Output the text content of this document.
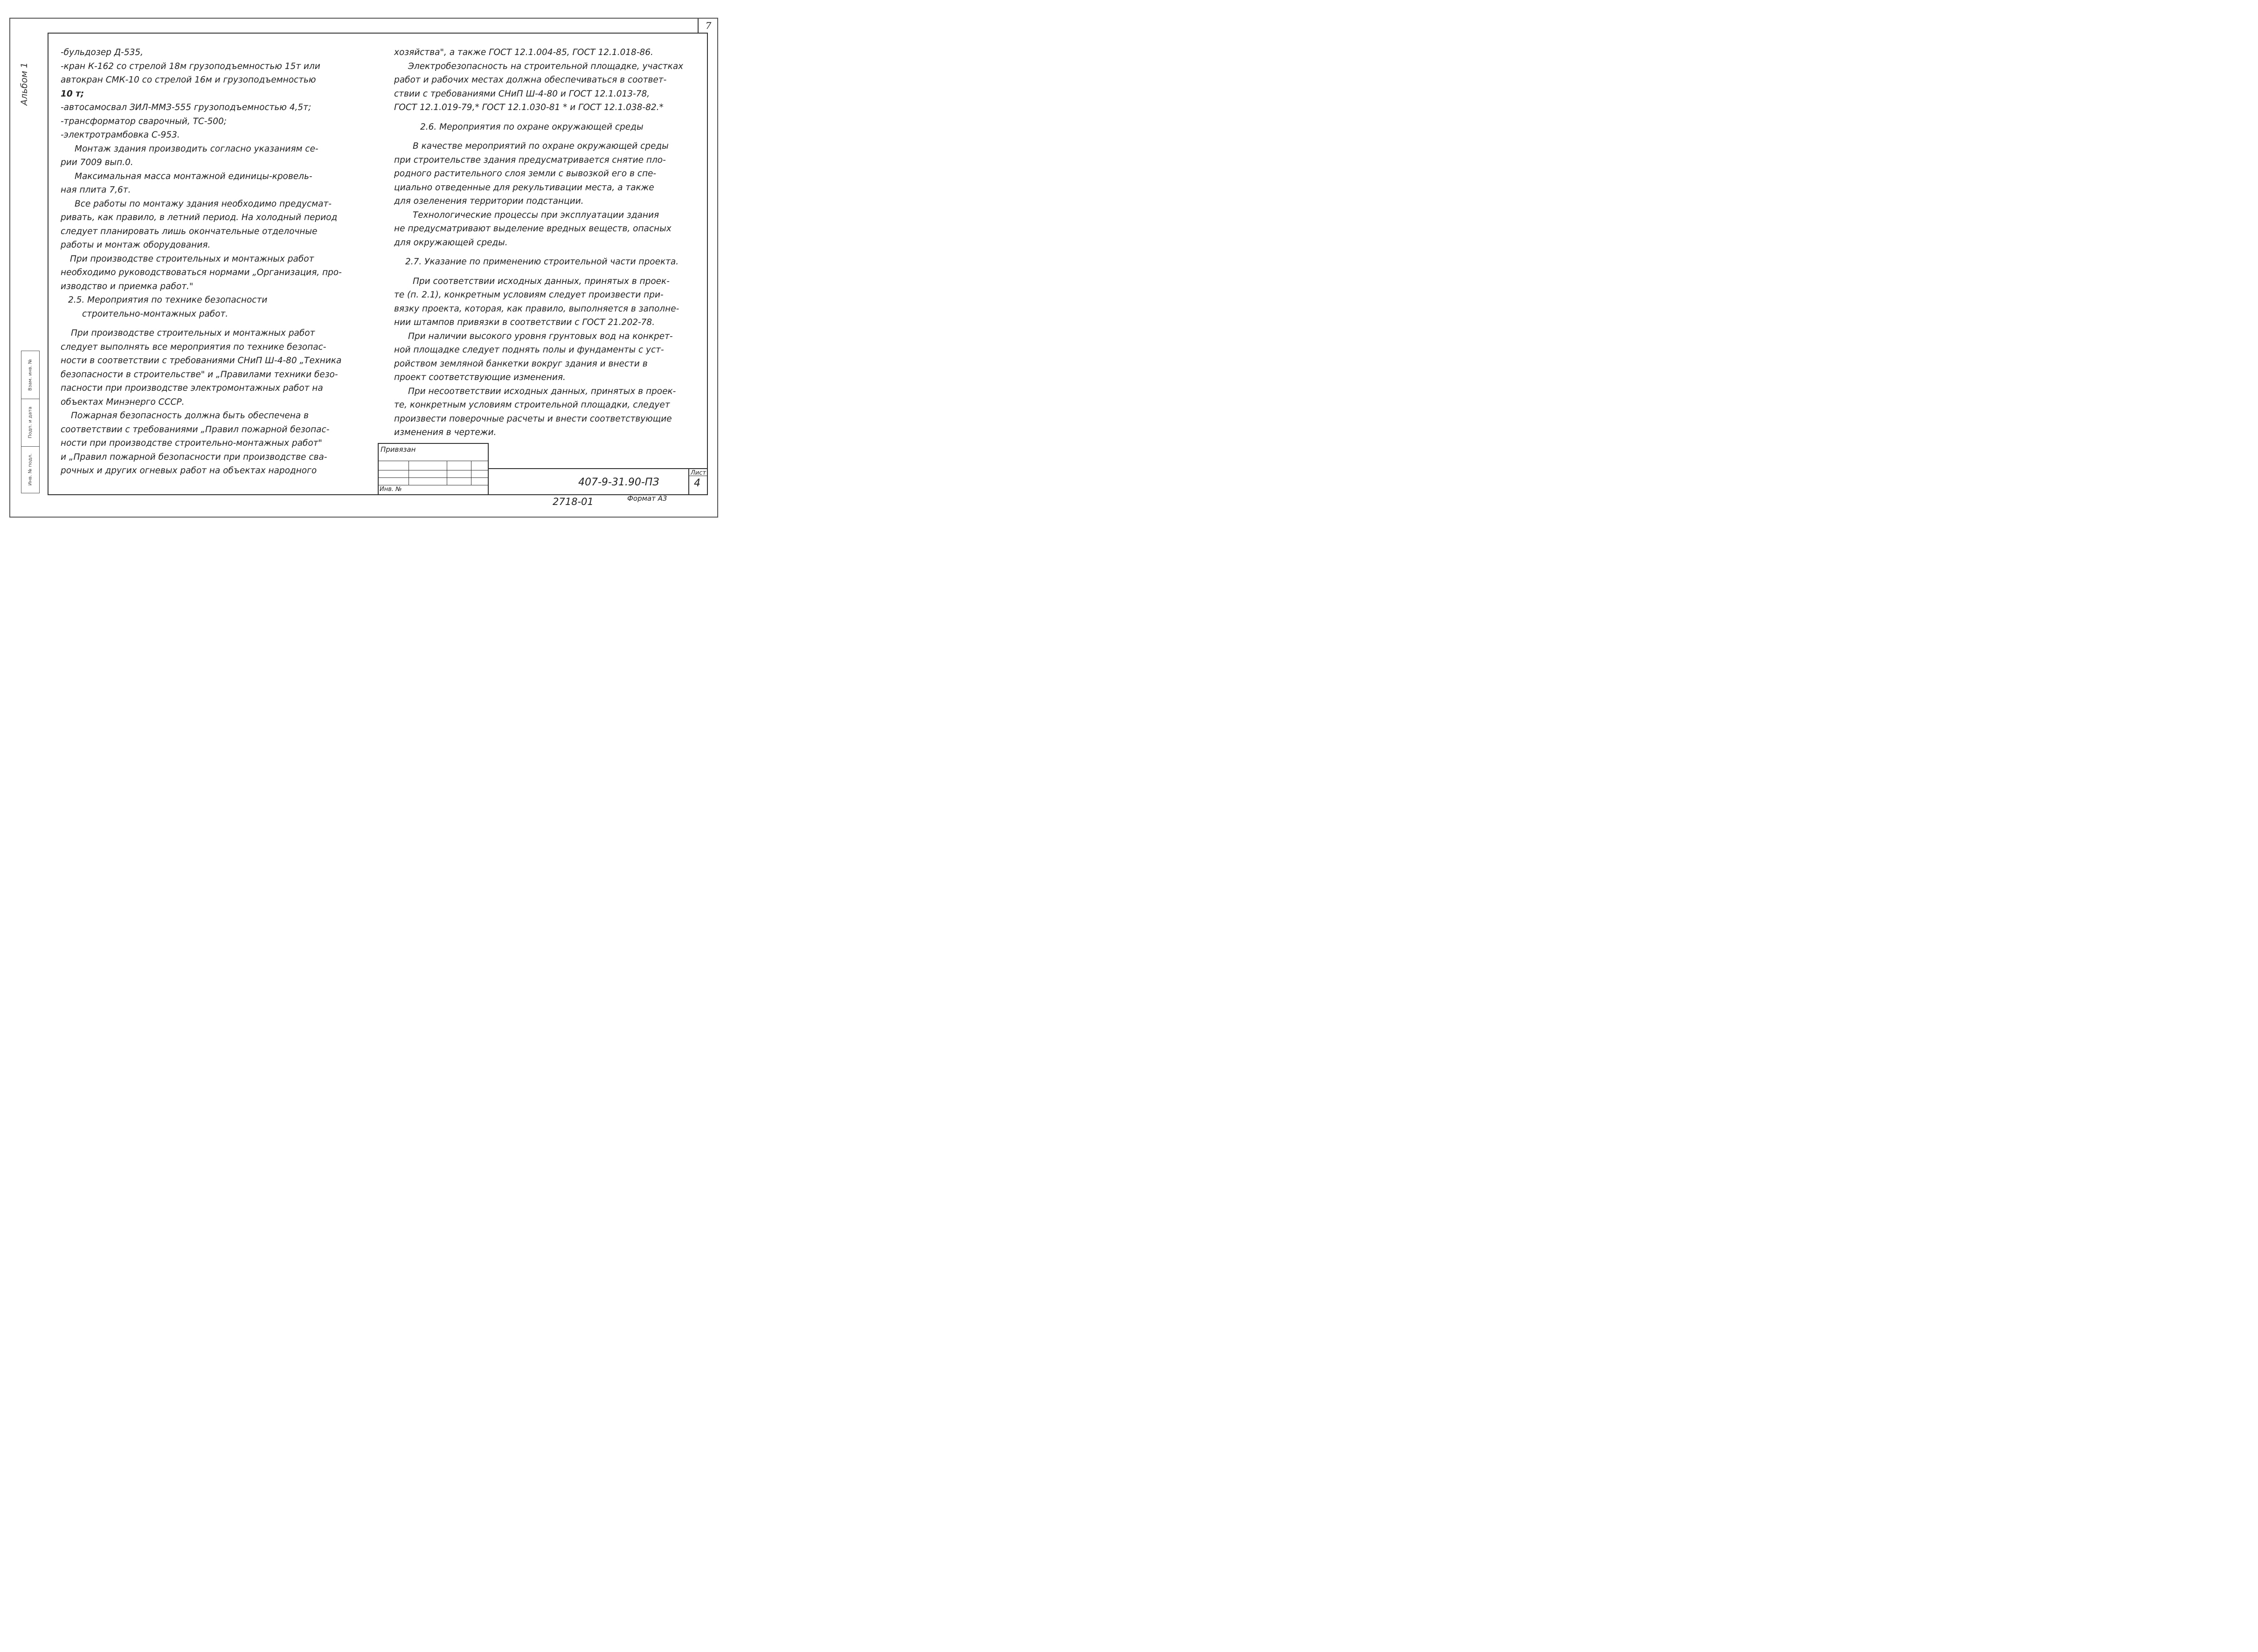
7
Альбом 1

-бульдозер Д-535,

-кран К-162 со стрелой 18м грузоподъемностью 15т или

автокран СМК-10 со стрелой 16м и грузоподъемностью

10 т;

-автосамосвал ЗИЛ-ММЗ-555 грузоподъемностью 4,5т;

-трансформатор сварочный, ТС-500;

-электротрамбовка С-953.

Монтаж здания производить согласно указаниям се-

рии 7009 вып.0.

Максимальная масса монтажной единицы-кровель-

ная плита 7,6т.

Все работы по монтажу здания необходимо предусмат-

ривать, как правило, в летний период. На холодный период

следует планировать лишь окончательные отделочные

работы и монтаж оборудования.

При производстве строительных и монтажных работ

необходимо руководствоваться нормами „Организация, про-

изводство и приемка работ."

2.5. Мероприятия по технике безопасности

строительно-монтажных работ.

При производстве строительных и монтажных работ

следует выполнять все мероприятия по технике безопас-

ности в соответствии с требованиями СНиП Ш-4-80 „Техника

безопасности в строительстве" и „Правилами техники безо-

пасности при производстве электромонтажных работ на

объектах Минэнерго СССР.

Пожарная безопасность должна быть обеспечена в

соответствии с требованиями „Правил пожарной безопас-

ности при производстве строительно-монтажных работ"

и „Правил пожарной безопасности при производстве сва-

рочных и других огневых работ на объектах народного

хозяйства", а также ГОСТ 12.1.004-85, ГОСТ 12.1.018-86.

Электробезопасность на строительной площадке, участках

работ и рабочих местах должна обеспечиваться в соответ-

ствии с требованиями СНиП Ш-4-80 и ГОСТ 12.1.013-78,

ГОСТ 12.1.019-79,* ГОСТ 12.1.030-81 * и ГОСТ 12.1.038-82.*

2.6. Мероприятия по охране окружающей среды

В качестве мероприятий по охране окружающей среды

при строительстве здания предусматривается снятие пло-

родного растительного слоя земли с вывозкой его в спе-

циально отведенные для рекультивации места, а также

для озеленения территории подстанции.

Технологические процессы при эксплуатации здания

не предусматривают выделение вредных веществ, опасных

для окружающей среды.

2.7. Указание по применению строительной части проекта.

При соответствии исходных данных, принятых в проек-

те (п. 2.1), конкретным условиям следует произвести при-

вязку проекта, которая, как правило, выполняется в заполне-

нии штампов привязки в соответствии с ГОСТ 21.202-78.

При наличии высокого уровня грунтовых вод на конкрет-

ной площадке следует поднять полы и фундаменты с уст-

ройством земляной банкетки вокруг здания и внести в

проект соответствующие изменения.

При несоответствии исходных данных, принятых в проек-

те, конкретным условиям строительной площадки, следует

произвести поверочные расчеты и внести соответствующие

изменения в чертежи.

Взам. инв. №
Подп. и дата
Инв. № подл.
Привязан
Инв. №
407-9-31.90-ПЗ
Лист
4
2718-01	Формат А3
